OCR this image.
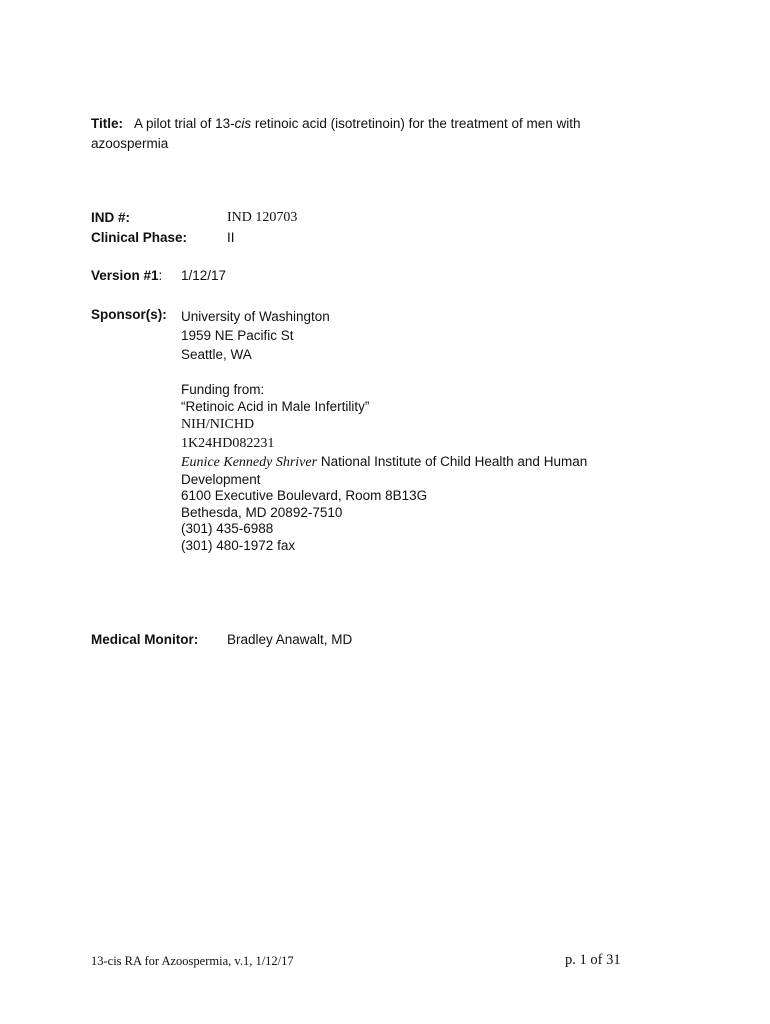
Title: A pilot trial of 13-cis retinoic acid (isotretinoin) for the treatment of men with azoospermia
IND #:	IND 120703
Clinical Phase:	II
Version #1: 1/12/17
Sponsor(s): University of Washington
1959 NE Pacific St
Seattle, WA
Funding from:
“Retinoic Acid in Male Infertility”
NIH/NICHD
1K24HD082231
Eunice Kennedy Shriver National Institute of Child Health and Human Development
6100 Executive Boulevard, Room 8B13G
Bethesda, MD 20892-7510
(301) 435-6988
(301) 480-1972 fax
Medical Monitor: Bradley Anawalt, MD
13-cis RA for Azoospermia, v.1, 1/12/17	p. 1 of 31
